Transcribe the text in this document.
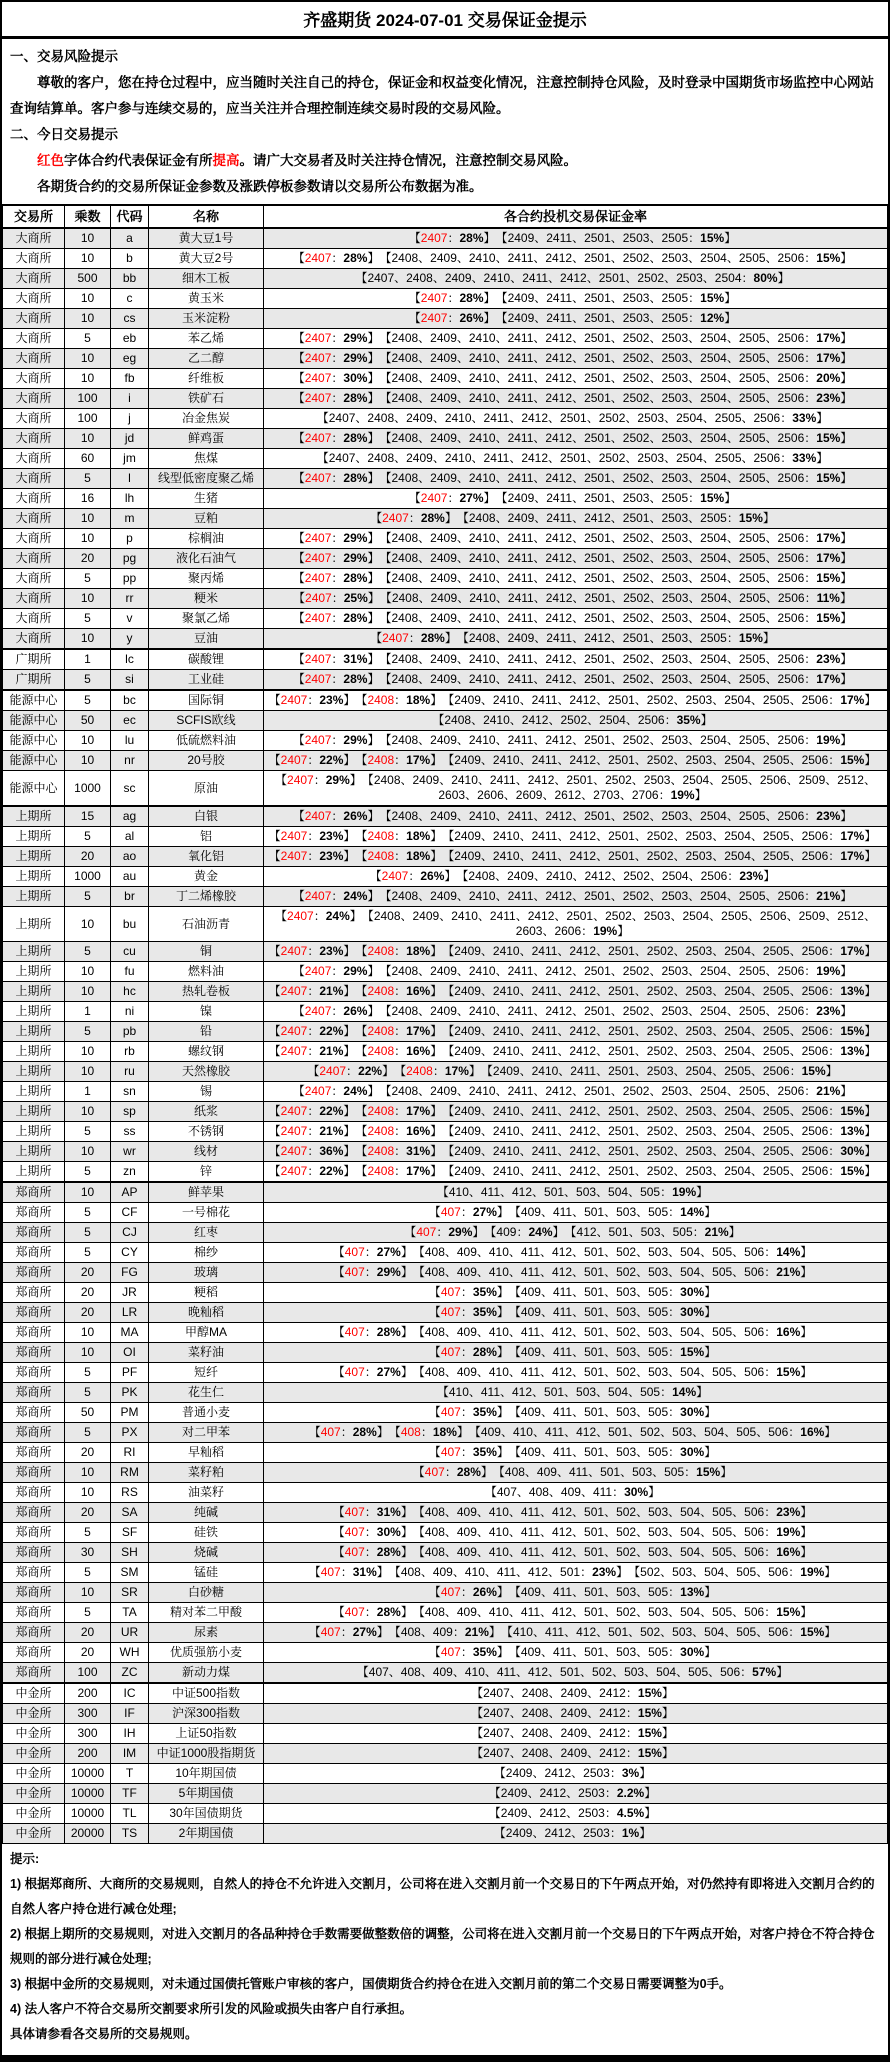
齐盛期货 2024-07-01 交易保证金提示
一、交易风险提示
尊敬的客户，您在持仓过程中，应当随时关注自己的持仓，保证金和权益变化情况，注意控制持仓风险，及时登录中国期货市场监控中心网站查询结算单。客户参与连续交易的，应当关注并合理控制连续交易时段的交易风险。
二、今日交易提示
红色字体合约代表保证金有所提高。请广大交易者及时关注持仓情况，注意控制交易风险。
各期货合约的交易所保证金参数及涨跌停板参数请以交易所公布数据为准。
交易所	乘数	代码	名称	各合约投机交易保证金率
大商所	10	a	黄大豆1号	【2407：28%】 【2409、2411、2501、2503、2505：15%】
大商所	10	b	黄大豆2号	【2407：28%】 【2408、2409、2410、2411、2412、2501、2502、2503、2504、2505、2506：15%】
大商所	500	bb	细木工板	【2407、2408、2409、2410、2411、2412、2501、2502、2503、2504：80%】
大商所	10	c	黄玉米	【2407：28%】 【2409、2411、2501、2503、2505：15%】
大商所	10	cs	玉米淀粉	【2407：26%】 【2409、2411、2501、2503、2505：12%】
大商所	5	eb	苯乙烯	【2407：29%】 【2408、2409、2410、2411、2412、2501、2502、2503、2504、2505、2506：17%】
大商所	10	eg	乙二醇	【2407：29%】 【2408、2409、2410、2411、2412、2501、2502、2503、2504、2505、2506：17%】
大商所	10	fb	纤维板	【2407：30%】 【2408、2409、2410、2411、2412、2501、2502、2503、2504、2505、2506：20%】
大商所	100	i	铁矿石	【2407：28%】 【2408、2409、2410、2411、2412、2501、2502、2503、2504、2505、2506：23%】
大商所	100	j	冶金焦炭	【2407、2408、2409、2410、2411、2412、2501、2502、2503、2504、2505、2506：33%】
大商所	10	jd	鲜鸡蛋	【2407：28%】 【2408、2409、2410、2411、2412、2501、2502、2503、2504、2505、2506：15%】
大商所	60	jm	焦煤	【2407、2408、2409、2410、2411、2412、2501、2502、2503、2504、2505、2506：33%】
大商所	5	l	线型低密度聚乙烯	【2407：28%】 【2408、2409、2410、2411、2412、2501、2502、2503、2504、2505、2506：15%】
大商所	16	lh	生猪	【2407：27%】 【2409、2411、2501、2503、2505：15%】
大商所	10	m	豆粕	【2407：28%】 【2408、2409、2411、2412、2501、2503、2505：15%】
大商所	10	p	棕榈油	【2407：29%】 【2408、2409、2410、2411、2412、2501、2502、2503、2504、2505、2506：17%】
大商所	20	pg	液化石油气	【2407：29%】 【2408、2409、2410、2411、2412、2501、2502、2503、2504、2505、2506：17%】
大商所	5	pp	聚丙烯	【2407：28%】 【2408、2409、2410、2411、2412、2501、2502、2503、2504、2505、2506：15%】
大商所	10	rr	粳米	【2407：25%】 【2408、2409、2410、2411、2412、2501、2502、2503、2504、2505、2506：11%】
大商所	5	v	聚氯乙烯	【2407：28%】 【2408、2409、2410、2411、2412、2501、2502、2503、2504、2505、2506：15%】
大商所	10	y	豆油	【2407：28%】 【2408、2409、2411、2412、2501、2503、2505：15%】
广期所	1	lc	碳酸锂	【2407：31%】 【2408、2409、2410、2411、2412、2501、2502、2503、2504、2505、2506：23%】
广期所	5	si	工业硅	【2407：28%】 【2408、2409、2410、2411、2412、2501、2502、2503、2504、2505、2506：17%】
能源中心	5	bc	国际铜	【2407：23%】 【2408：18%】 【2409、2410、2411、2412、2501、2502、2503、2504、2505、2506：17%】
能源中心	50	ec	SCFIS欧线	【2408、2410、2412、2502、2504、2506：35%】
能源中心	10	lu	低硫燃料油	【2407：29%】 【2408、2409、2410、2411、2412、2501、2502、2503、2504、2505、2506：19%】
能源中心	10	nr	20号胶	【2407：22%】 【2408：17%】 【2409、2410、2411、2412、2501、2502、2503、2504、2505、2506：15%】
能源中心	1000	sc	原油	【2407：29%】 【2408、2409、2410、2411、2412、2501、2502、2503、2504、2505、2506、2509、2512、2603、2606、2609、2612、2703、2706：19%】
上期所	15	ag	白银	【2407：26%】 【2408、2409、2410、2411、2412、2501、2502、2503、2504、2505、2506：23%】
上期所	5	al	铝	【2407：23%】 【2408：18%】 【2409、2410、2411、2412、2501、2502、2503、2504、2505、2506：17%】
上期所	20	ao	氧化铝	【2407：23%】 【2408：18%】 【2409、2410、2411、2412、2501、2502、2503、2504、2505、2506：17%】
上期所	1000	au	黄金	【2407：26%】 【2408、2409、2410、2412、2502、2504、2506：23%】
上期所	5	br	丁二烯橡胶	【2407：24%】 【2408、2409、2410、2411、2412、2501、2502、2503、2504、2505、2506：21%】
上期所	10	bu	石油沥青	【2407：24%】 【2408、2409、2410、2411、2412、2501、2502、2503、2504、2505、2506、2509、2512、2603、2606：19%】
上期所	5	cu	铜	【2407：23%】 【2408：18%】 【2409、2410、2411、2412、2501、2502、2503、2504、2505、2506：17%】
上期所	10	fu	燃料油	【2407：29%】 【2408、2409、2410、2411、2412、2501、2502、2503、2504、2505、2506：19%】
上期所	10	hc	热轧卷板	【2407：21%】 【2408：16%】 【2409、2410、2411、2412、2501、2502、2503、2504、2505、2506：13%】
上期所	1	ni	镍	【2407：26%】 【2408、2409、2410、2411、2412、2501、2502、2503、2504、2505、2506：23%】
上期所	5	pb	铅	【2407：22%】 【2408：17%】 【2409、2410、2411、2412、2501、2502、2503、2504、2505、2506：15%】
上期所	10	rb	螺纹钢	【2407：21%】 【2408：16%】 【2409、2410、2411、2412、2501、2502、2503、2504、2505、2506：13%】
上期所	10	ru	天然橡胶	【2407：22%】 【2408：17%】 【2409、2410、2411、2501、2503、2504、2505、2506：15%】
上期所	1	sn	锡	【2407：24%】 【2408、2409、2410、2411、2412、2501、2502、2503、2504、2505、2506：21%】
上期所	10	sp	纸浆	【2407：22%】 【2408：17%】 【2409、2410、2411、2412、2501、2502、2503、2504、2505、2506：15%】
上期所	5	ss	不锈钢	【2407：21%】 【2408：16%】 【2409、2410、2411、2412、2501、2502、2503、2504、2505、2506：13%】
上期所	10	wr	线材	【2407：36%】 【2408：31%】 【2409、2410、2411、2412、2501、2502、2503、2504、2505、2506：30%】
上期所	5	zn	锌	【2407：22%】 【2408：17%】 【2409、2410、2411、2412、2501、2502、2503、2504、2505、2506：15%】
郑商所	10	AP	鲜苹果	【410、411、412、501、503、504、505：19%】
郑商所	5	CF	一号棉花	【407：27%】 【409、411、501、503、505：14%】
郑商所	5	CJ	红枣	【407：29%】 【409：24%】 【412、501、503、505：21%】
郑商所	5	CY	棉纱	【407：27%】 【408、409、410、411、412、501、502、503、504、505、506：14%】
郑商所	20	FG	玻璃	【407：29%】 【408、409、410、411、412、501、502、503、504、505、506：21%】
郑商所	20	JR	粳稻	【407：35%】 【409、411、501、503、505：30%】
郑商所	20	LR	晚籼稻	【407：35%】 【409、411、501、503、505：30%】
郑商所	10	MA	甲醇MA	【407：28%】 【408、409、410、411、412、501、502、503、504、505、506：16%】
郑商所	10	OI	菜籽油	【407：28%】 【409、411、501、503、505：15%】
郑商所	5	PF	短纤	【407：27%】 【408、409、410、411、412、501、502、503、504、505、506：15%】
郑商所	5	PK	花生仁	【410、411、412、501、503、504、505：14%】
郑商所	50	PM	普通小麦	【407：35%】 【409、411、501、503、505：30%】
郑商所	5	PX	对二甲苯	【407：28%】 【408：18%】 【409、410、411、412、501、502、503、504、505、506：16%】
郑商所	20	RI	早籼稻	【407：35%】 【409、411、501、503、505：30%】
郑商所	10	RM	菜籽粕	【407：28%】 【408、409、411、501、503、505：15%】
郑商所	10	RS	油菜籽	【407、408、409、411：30%】
郑商所	20	SA	纯碱	【407：31%】 【408、409、410、411、412、501、502、503、504、505、506：23%】
郑商所	5	SF	硅铁	【407：30%】 【408、409、410、411、412、501、502、503、504、505、506：19%】
郑商所	30	SH	烧碱	【407：28%】 【408、409、410、411、412、501、502、503、504、505、506：16%】
郑商所	5	SM	锰硅	【407：31%】 【408、409、410、411、412、501：23%】 【502、503、504、505、506：19%】
郑商所	10	SR	白砂糖	【407：26%】 【409、411、501、503、505：13%】
郑商所	5	TA	精对苯二甲酸	【407：28%】 【408、409、410、411、412、501、502、503、504、505、506：15%】
郑商所	20	UR	尿素	【407：27%】 【408、409：21%】 【410、411、412、501、502、503、504、505、506：15%】
郑商所	20	WH	优质强筋小麦	【407：35%】 【409、411、501、503、505：30%】
郑商所	100	ZC	新动力煤	【407、408、409、410、411、412、501、502、503、504、505、506：57%】
中金所	200	IC	中证500指数	【2407、2408、2409、2412：15%】
中金所	300	IF	沪深300指数	【2407、2408、2409、2412：15%】
中金所	300	IH	上证50指数	【2407、2408、2409、2412：15%】
中金所	200	IM	中证1000股指期货	【2407、2408、2409、2412：15%】
中金所	10000	T	10年期国债	【2409、2412、2503：3%】
中金所	10000	TF	5年期国债	【2409、2412、2503：2.2%】
中金所	10000	TL	30年国债期货	【2409、2412、2503：4.5%】
中金所	20000	TS	2年期国债	【2409、2412、2503：1%】
提示:
1) 根据郑商所、大商所的交易规则，自然人的持仓不允许进入交割月，公司将在进入交割月前一个交易日的下午两点开始，对仍然持有即将进入交割月合约的自然人客户持仓进行减仓处理;
2) 根据上期所的交易规则，对进入交割月的各品种持仓手数需要做整数倍的调整，公司将在进入交割月前一个交易日的下午两点开始，对客户持仓不符合持仓规则的部分进行减仓处理;
3) 根据中金所的交易规则，对未通过国债托管账户审核的客户，国债期货合约持仓在进入交割月前的第二个交易日需要调整为0手。
4) 法人客户不符合交易所交割要求所引发的风险或损失由客户自行承担。
具体请参看各交易所的交易规则。
